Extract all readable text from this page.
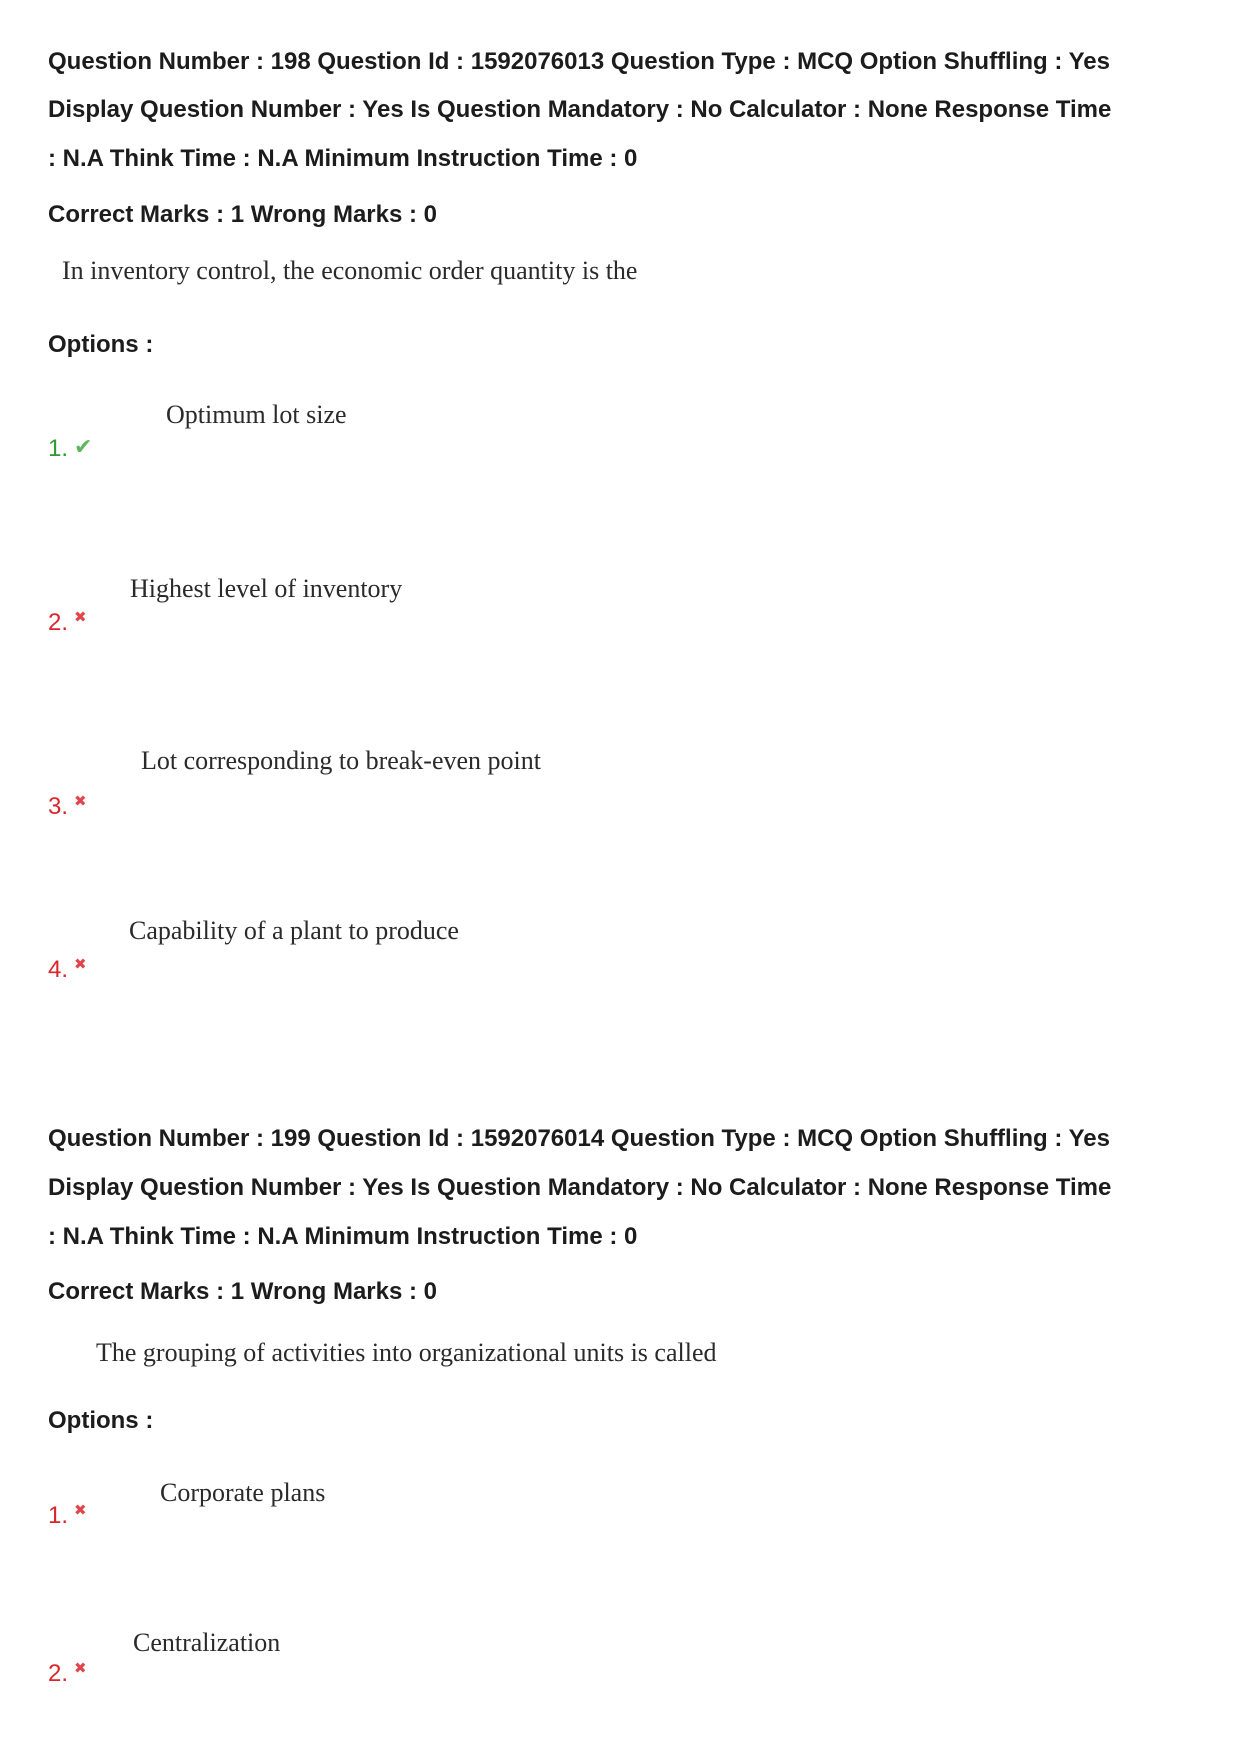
Question Number : 198 Question Id : 1592076013 Question Type : MCQ Option Shuffling : Yes
Display Question Number : Yes Is Question Mandatory : No Calculator : None Response Time
: N.A Think Time : N.A Minimum Instruction Time : 0
Correct Marks : 1 Wrong Marks : 0
In inventory control, the economic order quantity is the
Options :
Optimum lot size
1.✔
Highest level of inventory
2.✖
Lot corresponding to break-even point
3.✖
Capability of a plant to produce
4.✖
Question Number : 199 Question Id : 1592076014 Question Type : MCQ Option Shuffling : Yes
Display Question Number : Yes Is Question Mandatory : No Calculator : None Response Time
: N.A Think Time : N.A Minimum Instruction Time : 0
Correct Marks : 1 Wrong Marks : 0
The grouping of activities into organizational units is called
Options :
Corporate plans
1.✖
Centralization
2.✖
